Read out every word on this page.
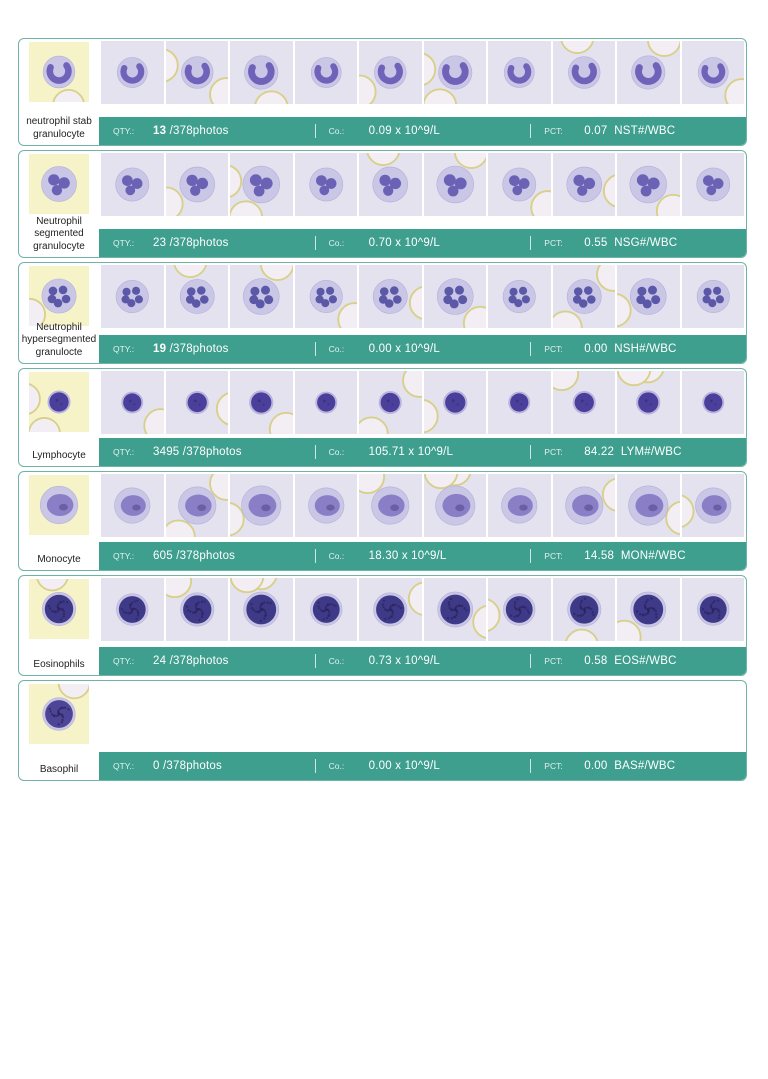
neutrophil stab granulocyte	QTY.:	13 /378photos	Co.:	0.09 x 10^9/L	PCT:	0.07 NST#/WBC
Neutrophil segmented granulocyte	QTY.:	23 /378photos	Co.:	0.70 x 10^9/L	PCT:	0.55 NSG#/WBC
Neutrophil hypersegmented granulocte	QTY.:	19 /378photos	Co.:	0.00 x 10^9/L	PCT:	0.00 NSH#/WBC
Lymphocyte	QTY.:	3495 /378photos	Co.:	105.71 x 10^9/L	PCT:	84.22 LYM#/WBC
Monocyte	QTY.:	605 /378photos	Co.:	18.30 x 10^9/L	PCT:	14.58 MON#/WBC
Eosinophils	QTY.:	24 /378photos	Co.:	0.73 x 10^9/L	PCT:	0.58 EOS#/WBC
Basophil	QTY.:	0 /378photos	Co.:	0.00 x 10^9/L	PCT:	0.00 BAS#/WBC
